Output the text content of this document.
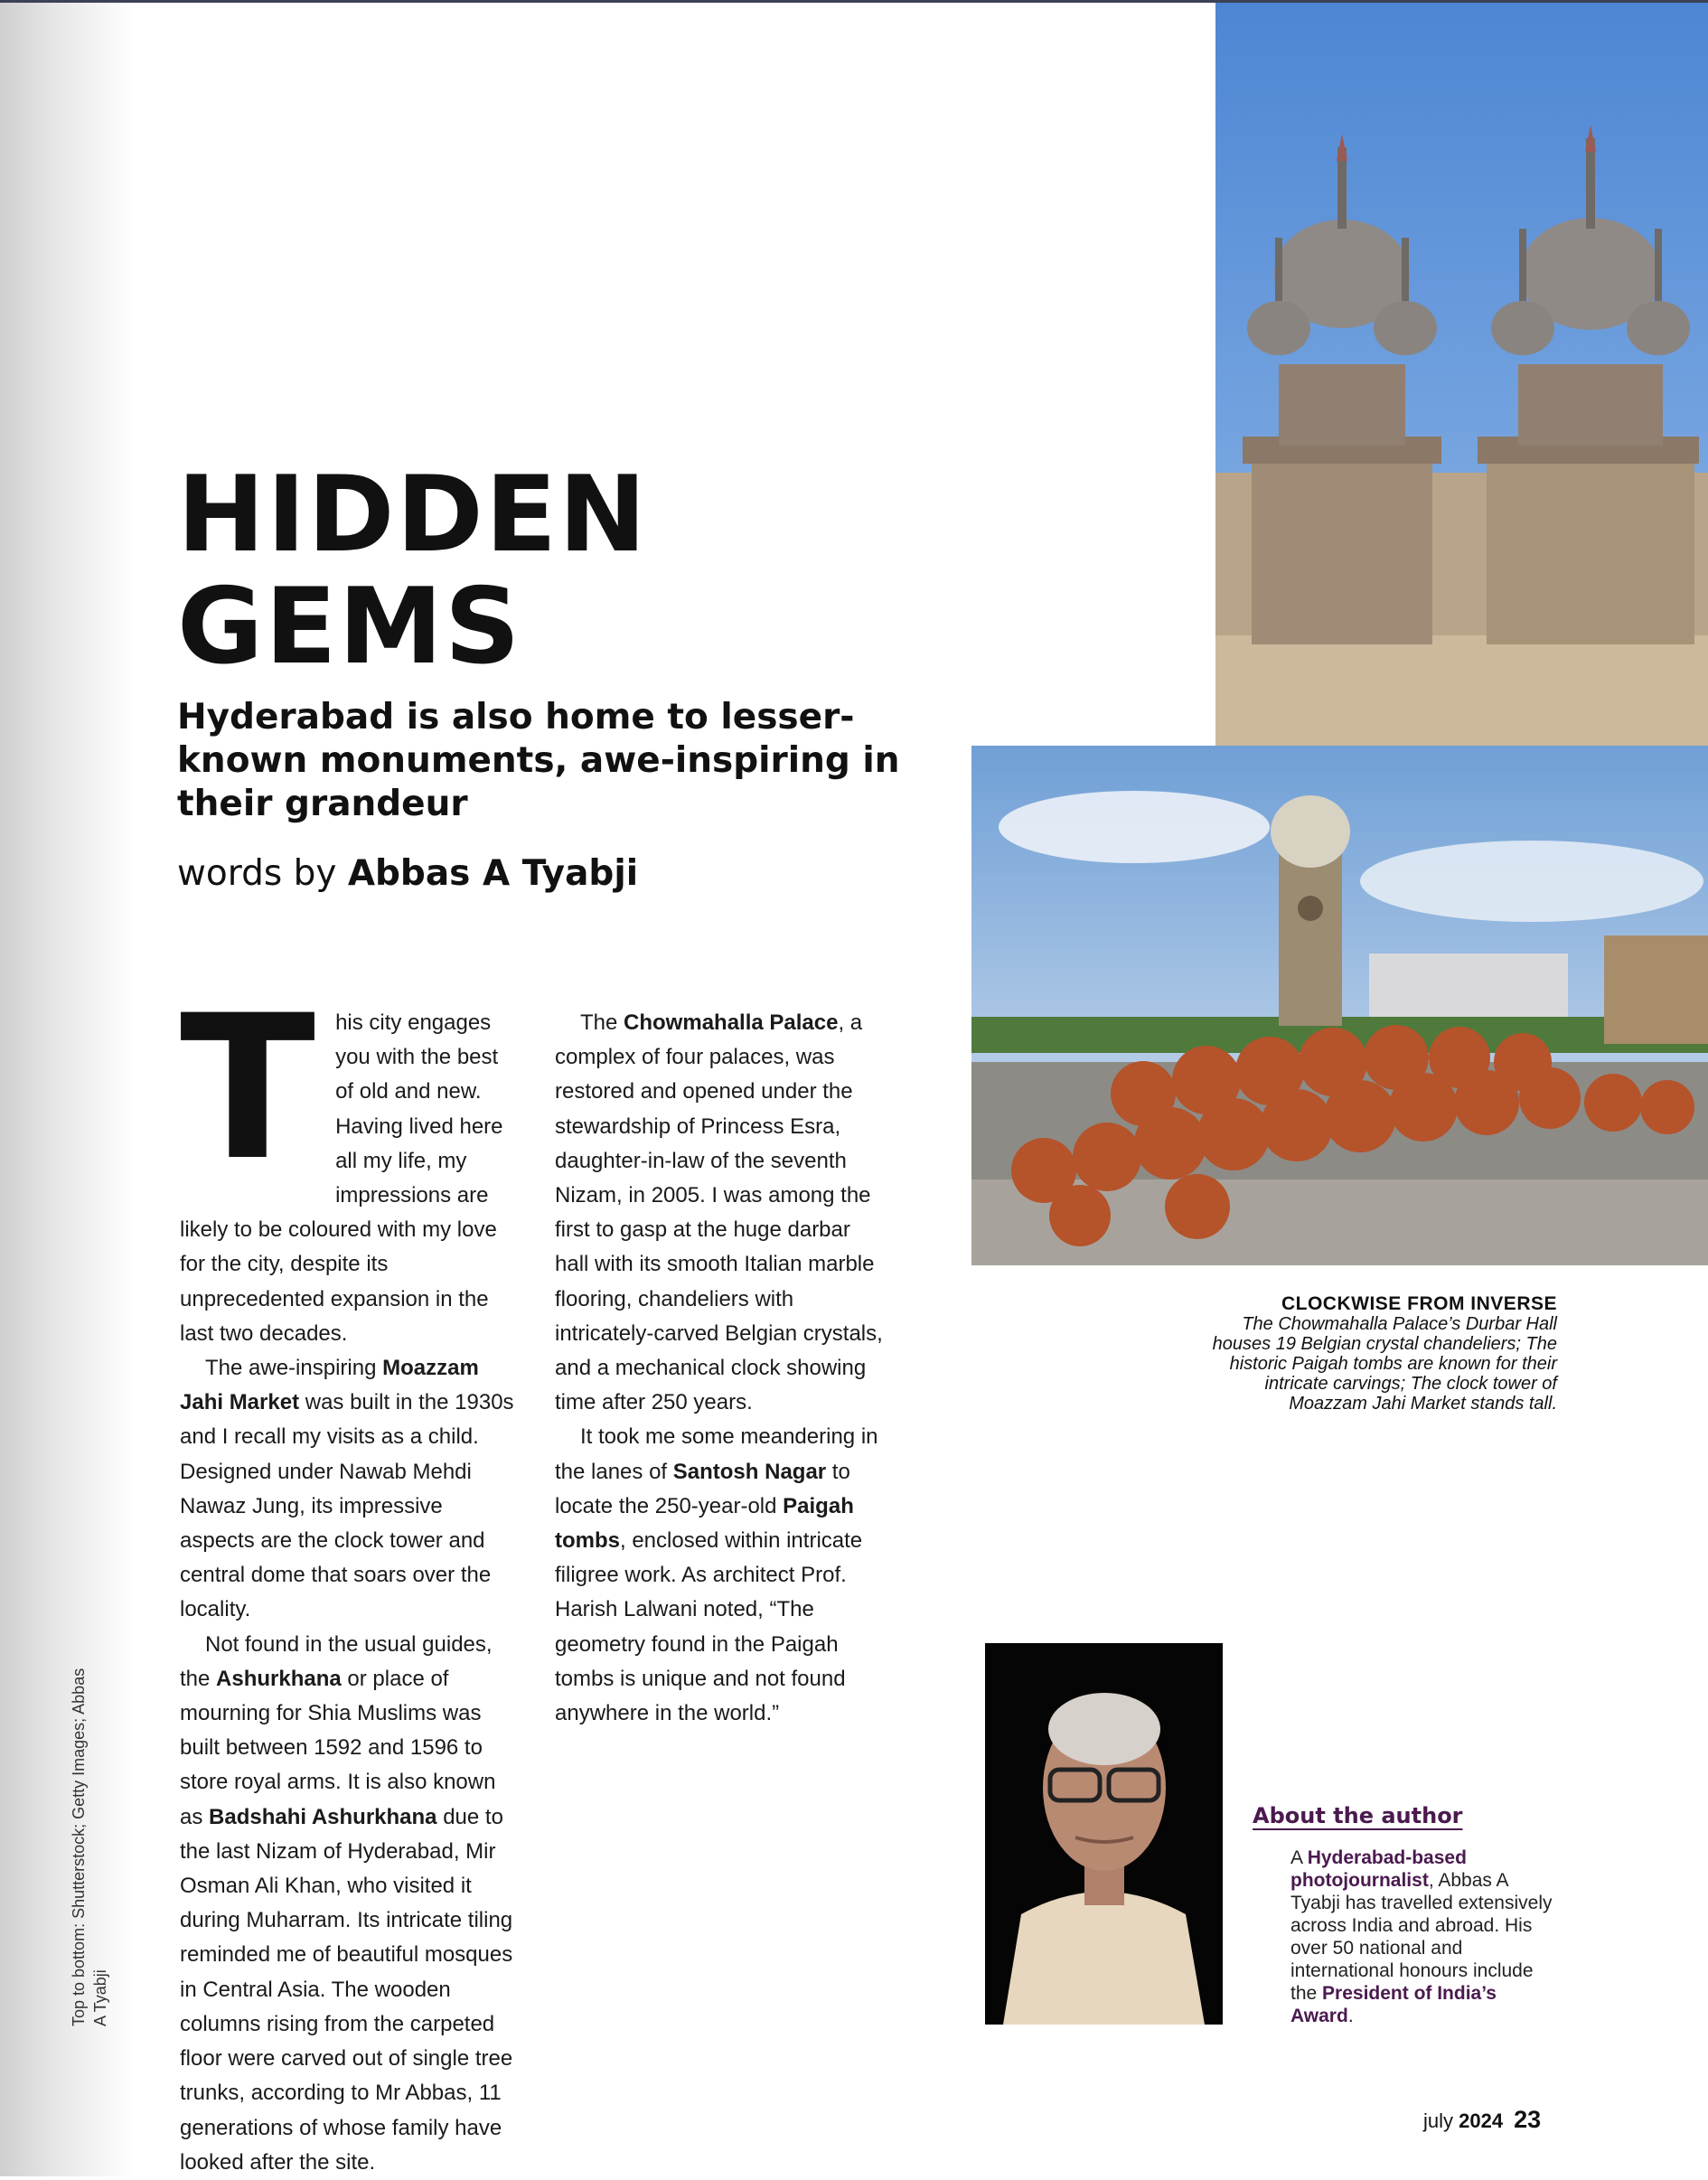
HIDDEN
GEMS

Hyderabad is also home to lesser-known monuments, awe-inspiring in their grandeur

words by Abbas A Tyabji

This city engages you with the best of old and new. Having lived here all my life, my impressions are likely to be coloured with my love for the city, despite its unprecedented expansion in the last two decades.

The awe-inspiring Moazzam Jahi Market was built in the 1930s and I recall my visits as a child. Designed under Nawab Mehdi Nawaz Jung, its impressive aspects are the clock tower and central dome that soars over the locality.

Not found in the usual guides, the Ashurkhana or place of mourning for Shia Muslims was built between 1592 and 1596 to store royal arms. It is also known as Badshahi Ashurkhana due to the last Nizam of Hyderabad, Mir Osman Ali Khan, who visited it during Muharram. Its intricate tiling reminded me of beautiful mosques in Central Asia. The wooden columns rising from the carpeted floor were carved out of single tree trunks, according to Mr Abbas, 11 generations of whose family have looked after the site.

The Chowmahalla Palace, a complex of four palaces, was restored and opened under the stewardship of Princess Esra, daughter-in-law of the seventh Nizam, in 2005. I was among the first to gasp at the huge darbar hall with its smooth Italian marble flooring, chandeliers with intricately-carved Belgian crystals, and a mechanical clock showing time after 250 years.

It took me some meandering in the lanes of Santosh Nagar to locate the 250-year-old Paigah tombs, enclosed within intricate filigree work. As architect Prof. Harish Lalwani noted, “The geometry found in the Paigah tombs is unique and not found anywhere in the world.”

CLOCKWISE FROM INVERSE
The Chowmahalla Palace’s Durbar Hall houses 19 Belgian crystal chandeliers; The historic Paigah tombs are known for their intricate carvings; The clock tower of Moazzam Jahi Market stands tall.

About the author

A Hyderabad-based photojournalist, Abbas A Tyabji has travelled extensively across India and abroad. His over 50 national and international honours include the President of India’s Award.
Top to bottom: Shutterstock; Getty Images; Abbas A Tyabji
july 2024 23
